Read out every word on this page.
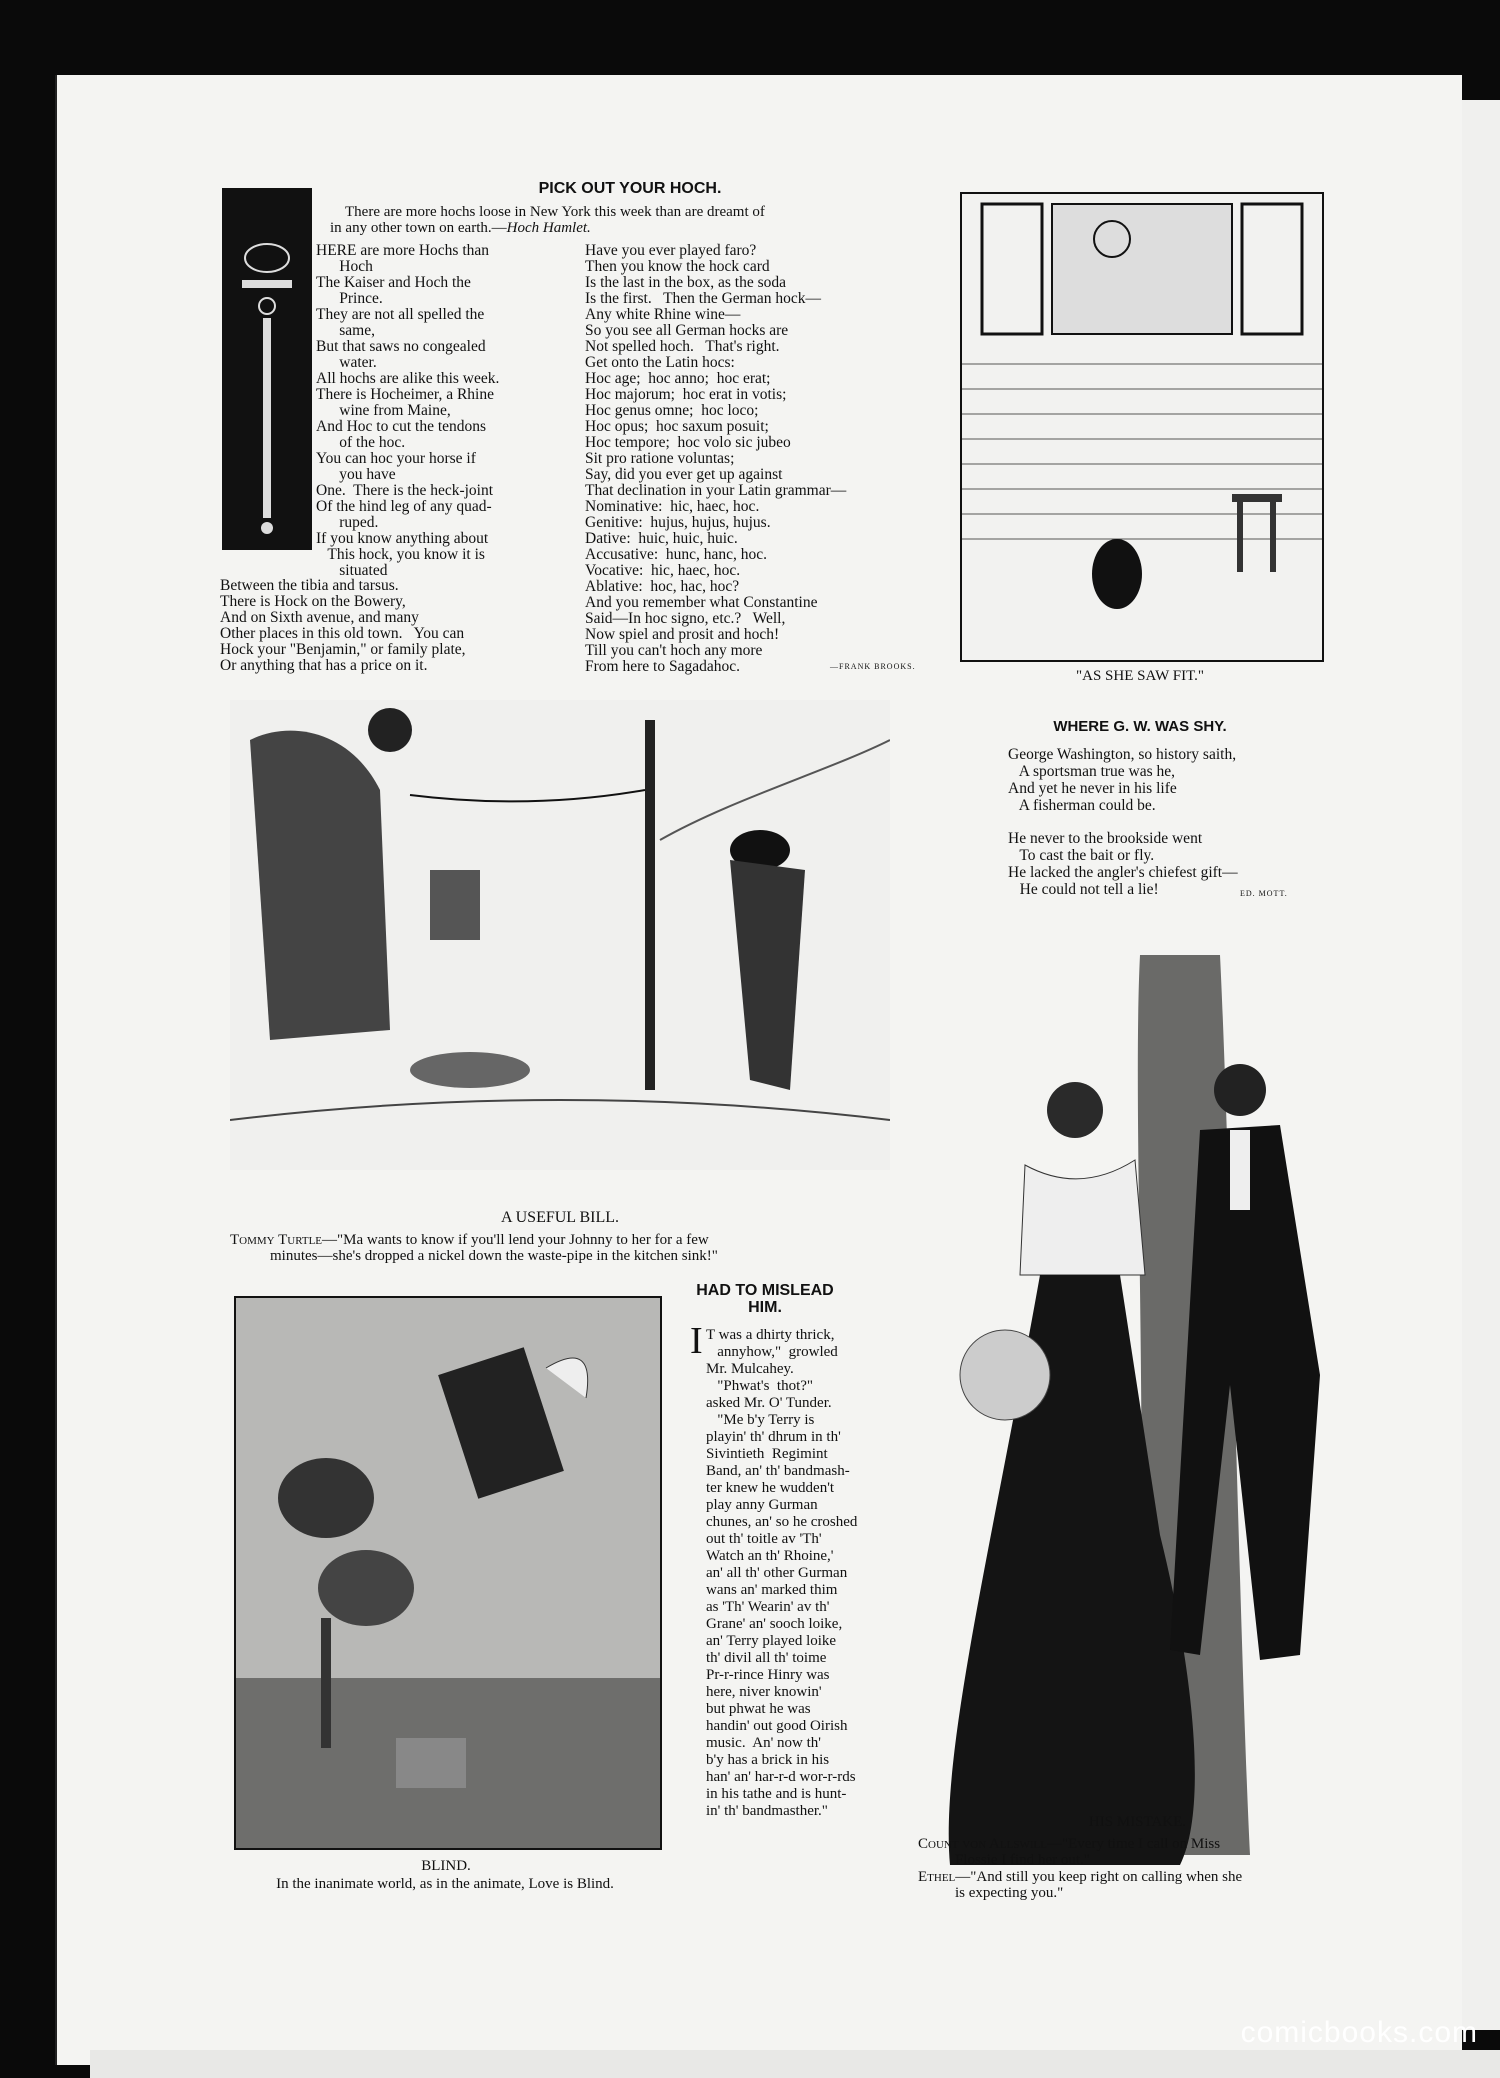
PICK OUT YOUR HOCH.
There are more hochs loose in New York this week than are dreamt of
in any other town on earth.—Hoch Hamlet.
HERE are more Hochs than
Hoch
The Kaiser and Hoch the
Prince.
They are not all spelled the
same,
But that saws no congealed
water.
All hochs are alike this week.
There is Hocheimer, a Rhine
wine from Maine,
And Hoc to cut the tendons
of the hoc.
You can hoc your horse if
you have
One.  There is the heck-joint
Of the hind leg of any quad-
ruped.
If you know anything about
This hock, you know it is
situated
Between the tibia and tarsus.
There is Hock on the Bowery,
And on Sixth avenue, and many
Other places in this old town.   You can
Hock your "Benjamin," or family plate,
Or anything that has a price on it.
Have you ever played faro?
Then you know the hock card
Is the last in the box, as the soda
Is the first.   Then the German hock—
Any white Rhine wine—
So you see all German hocks are
Not spelled hoch.   That's right.
Get onto the Latin hocs:
Hoc age;  hoc anno;  hoc erat;
Hoc majorum;  hoc erat in votis;
Hoc genus omne;  hoc loco;
Hoc opus;  hoc saxum posuit;
Hoc tempore;  hoc volo sic jubeo
Sit pro ratione voluntas;
Say, did you ever get up against
That declination in your Latin grammar—
Nominative:  hic, haec, hoc.
Genitive:  hujus, hujus, hujus.
Dative:  huic, huic, huic.
Accusative:  hunc, hanc, hoc.
Vocative:  hic, haec, hoc.
Ablative:  hoc, hac, hoc?
And you remember what Constantine
Said—In hoc signo, etc.?   Well,
Now spiel and prosit and hoch!
Till you can't hoch any more
From here to Sagadahoc.	—FRANK BROOKS.
"AS SHE SAW FIT."
WHERE G. W. WAS SHY.
George Washington, so history saith,
A sportsman true was he,
And yet he never in his life
A fisherman could be.
He never to the brookside went
To cast the bait or fly.
He lacked the angler's chiefest gift—
He could not tell a lie!	ED. MOTT.
A USEFUL BILL.
Tommy Turtle—"Ma wants to know if you'll lend your Johnny to her for a few
minutes—she's dropped a nickel down the waste-pipe in the kitchen sink!"
BLIND.
In the inanimate world, as in the animate, Love is Blind.
HAD TO MISLEAD HIM.
I T was a dhirty thrick,
annyhow,"  growled
Mr. Mulcahey.
"Phwat's  thot?"
asked Mr. O' Tunder.
"Me b'y Terry is
playin' th' dhrum in th'
Sivintieth  Regimint
Band, an' th' bandmash-
ter knew he wudden't
play anny Gurman
chunes, an' so he croshed
out th' toitle av 'Th'
Watch an th' Rhoine,'
an' all th' other Gurman
wans an' marked thim
as 'Th' Wearin' av th'
Grane' an' sooch loike,
an' Terry played loike
th' divil all th' toime
Pr-r-rince Hinry was
here, niver knowin'
but phwat he was
handin' out good Oirish
music.  An' now th'
b'y has a brick in his
han' an' har-r-d wor-r-rds
in his tathe and is hunt-
in' th' bandmasther."
HIS MISTAKE.
Count von Allswill—"Every time I call on Miss
Flossie I find her out."
Ethel—"And still you keep right on calling when she
is expecting you."
comicbooks.com
